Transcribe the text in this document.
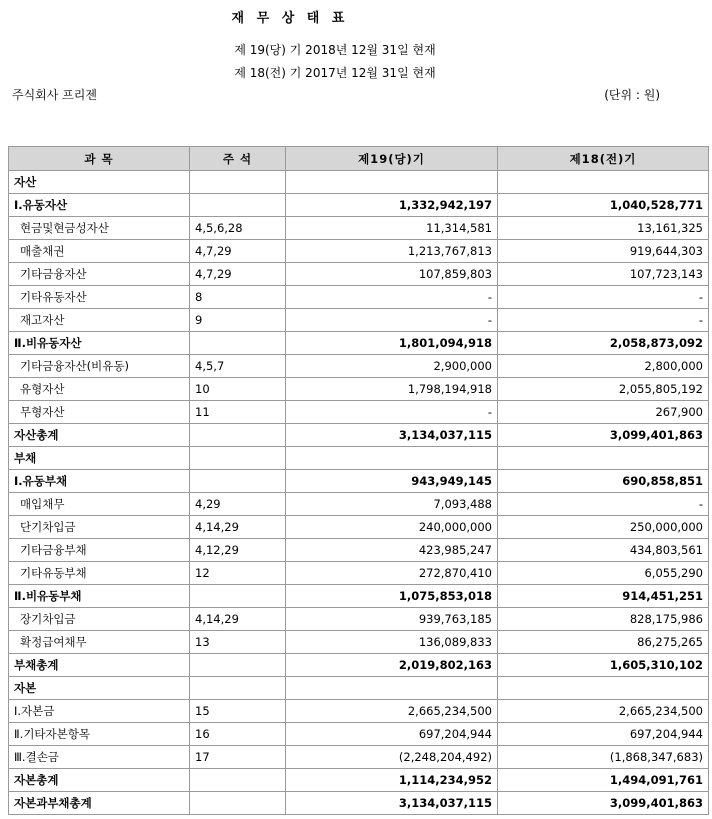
재 무 상 태 표
제 19(당) 기 2018년 12월 31일 현재
제 18(전) 기 2017년 12월 31일 현재
주식회사 프리젠	(단위 : 원)
과 목	주 석	제19(당)기	제18(전)기
자산			
Ⅰ.유동자산		1,332,942,197	1,040,528,771
현금및현금성자산	4,5,6,28	11,314,581	13,161,325
매출채권	4,7,29	1,213,767,813	919,644,303
기타금융자산	4,7,29	107,859,803	107,723,143
기타유동자산	8	-	-
재고자산	9	-	-
Ⅱ.비유동자산		1,801,094,918	2,058,873,092
기타금융자산(비유동)	4,5,7	2,900,000	2,800,000
유형자산	10	1,798,194,918	2,055,805,192
무형자산	11	-	267,900
자산총계		3,134,037,115	3,099,401,863
부채			
Ⅰ.유동부채		943,949,145	690,858,851
매입채무	4,29	7,093,488	-
단기차입금	4,14,29	240,000,000	250,000,000
기타금융부채	4,12,29	423,985,247	434,803,561
기타유동부채	12	272,870,410	6,055,290
Ⅱ.비유동부채		1,075,853,018	914,451,251
장기차입금	4,14,29	939,763,185	828,175,986
확정급여채무	13	136,089,833	86,275,265
부채총계		2,019,802,163	1,605,310,102
자본			
Ⅰ.자본금	15	2,665,234,500	2,665,234,500
Ⅱ.기타자본항목	16	697,204,944	697,204,944
Ⅲ.결손금	17	(2,248,204,492)	(1,868,347,683)
자본총계		1,114,234,952	1,494,091,761
자본과부채총계		3,134,037,115	3,099,401,863
